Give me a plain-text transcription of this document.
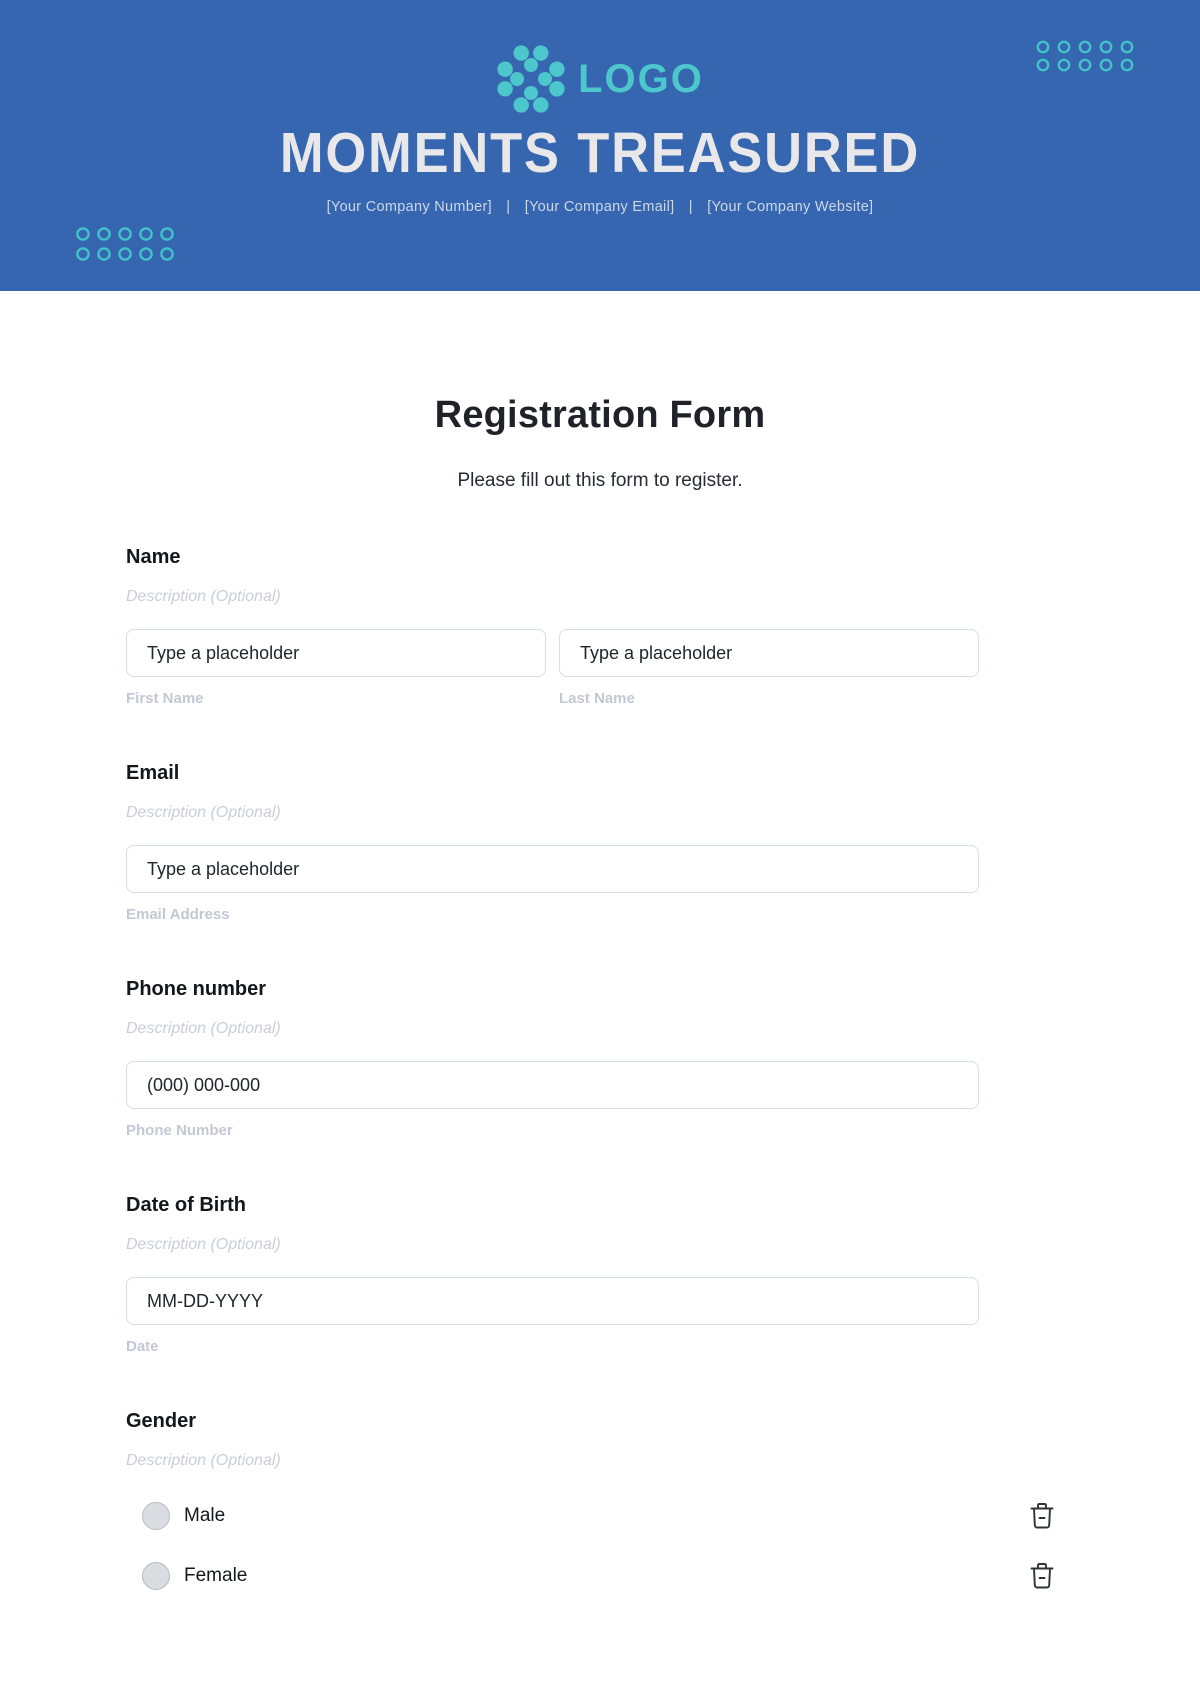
LOGO
MOMENTS TREASURED
[Your Company Number] | [Your Company Email] | [Your Company Website]
Registration Form
Please fill out this form to register.
Name
Description (Optional)
Type a placeholder
Type a placeholder
First Name	Last Name
Email
Description (Optional)
Type a placeholder
Email Address
Phone number
Description (Optional)
(000) 000-000
Phone Number
Date of Birth
Description (Optional)
MM-DD-YYYY
Date
Gender
Description (Optional)
Male
Female
